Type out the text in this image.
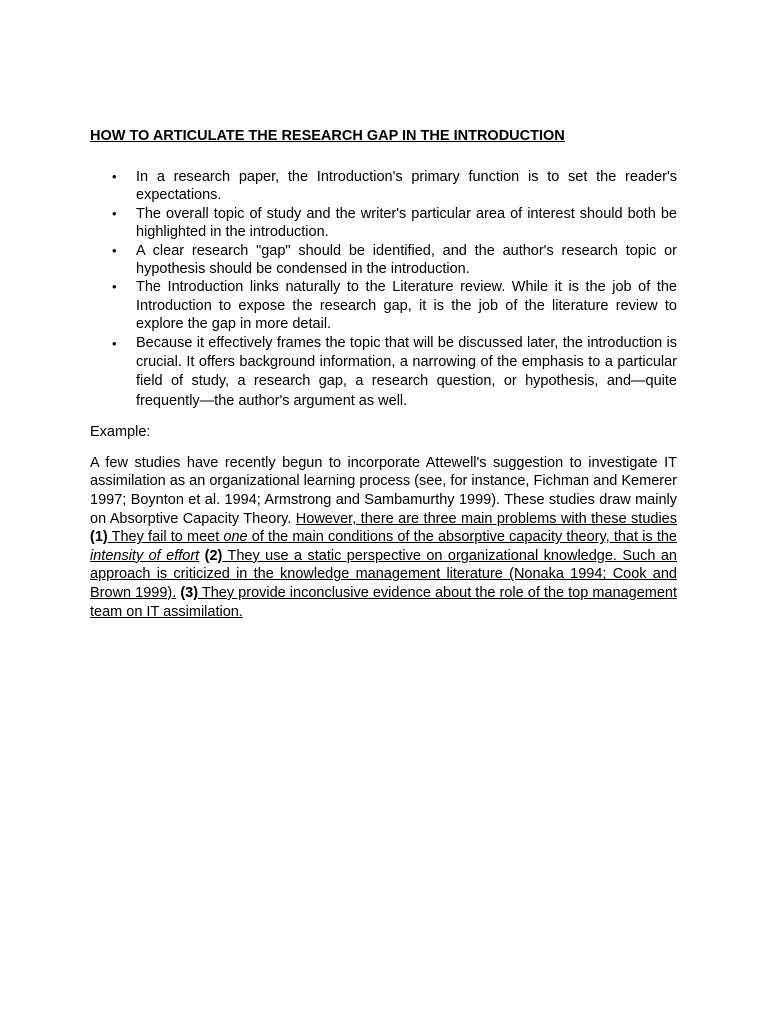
HOW TO ARTICULATE THE RESEARCH GAP IN THE INTRODUCTION
• In a research paper, the Introduction's primary function is to set the reader's expectations.
• The overall topic of study and the writer's particular area of interest should both be highlighted in the introduction.
• A clear research "gap" should be identified, and the author's research topic or hypothesis should be condensed in the introduction.
• The Introduction links naturally to the Literature review. While it is the job of the Introduction to expose the research gap, it is the job of the literature review to explore the gap in more detail.
• Because it effectively frames the topic that will be discussed later, the introduction is crucial. It offers background information, a narrowing of the emphasis to a particular field of study, a research gap, a research question, or hypothesis, and—quite frequently—the author's argument as well.

Example:

A few studies have recently begun to incorporate Attewell's suggestion to investigate IT assimilation as an organizational learning process (see, for instance, Fichman and Kemerer 1997; Boynton et al. 1994; Armstrong and Sambamurthy 1999). These studies draw mainly on Absorptive Capacity Theory. However, there are three main problems with these studies (1) They fail to meet one of the main conditions of the absorptive capacity theory, that is the intensity of effort (2) They use a static perspective on organizational knowledge. Such an approach is criticized in the knowledge management literature (Nonaka 1994; Cook and Brown 1999). (3) They provide inconclusive evidence about the role of the top management team on IT assimilation.
